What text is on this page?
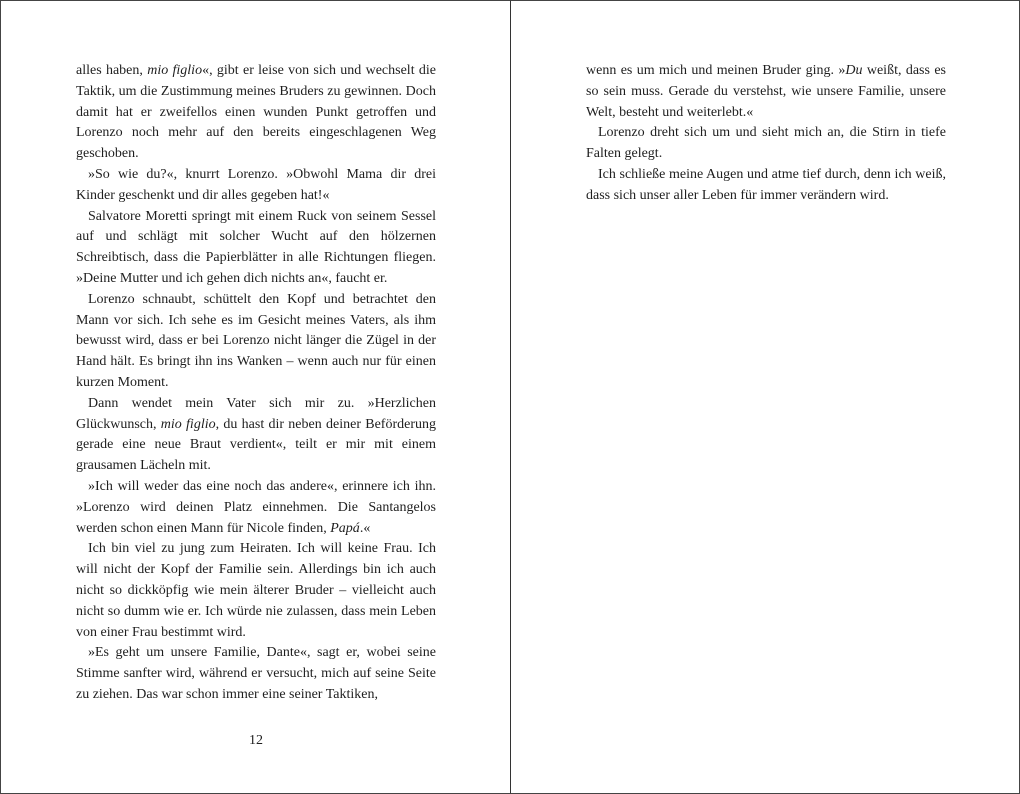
alles haben, mio figlio«, gibt er leise von sich und wechselt die Taktik, um die Zustimmung meines Bruders zu gewinnen. Doch damit hat er zweifellos einen wunden Punkt getroffen und Lorenzo noch mehr auf den bereits eingeschlagenen Weg geschoben.

»So wie du?«, knurrt Lorenzo. »Obwohl Mama dir drei Kinder geschenkt und dir alles gegeben hat!«

Salvatore Moretti springt mit einem Ruck von seinem Sessel auf und schlägt mit solcher Wucht auf den hölzernen Schreibtisch, dass die Papierblätter in alle Richtungen fliegen. »Deine Mutter und ich gehen dich nichts an«, faucht er.

Lorenzo schnaubt, schüttelt den Kopf und betrachtet den Mann vor sich. Ich sehe es im Gesicht meines Vaters, als ihm bewusst wird, dass er bei Lorenzo nicht länger die Zügel in der Hand hält. Es bringt ihn ins Wanken – wenn auch nur für einen kurzen Moment.

Dann wendet mein Vater sich mir zu. »Herzlichen Glückwunsch, mio figlio, du hast dir neben deiner Beförderung gerade eine neue Braut verdient«, teilt er mir mit einem grausamen Lächeln mit.

»Ich will weder das eine noch das andere«, erinnere ich ihn. »Lorenzo wird deinen Platz einnehmen. Die Santangelos werden schon einen Mann für Nicole finden, Papá.«

Ich bin viel zu jung zum Heiraten. Ich will keine Frau. Ich will nicht der Kopf der Familie sein. Allerdings bin ich auch nicht so dickköpfig wie mein älterer Bruder – vielleicht auch nicht so dumm wie er. Ich würde nie zulassen, dass mein Leben von einer Frau bestimmt wird.

»Es geht um unsere Familie, Dante«, sagt er, wobei seine Stimme sanfter wird, während er versucht, mich auf seine Seite zu ziehen. Das war schon immer eine seiner Taktiken,

12

wenn es um mich und meinen Bruder ging. »Du weißt, dass es so sein muss. Gerade du verstehst, wie unsere Familie, unsere Welt, besteht und weiterlebt.«

Lorenzo dreht sich um und sieht mich an, die Stirn in tiefe Falten gelegt.

Ich schließe meine Augen und atme tief durch, denn ich weiß, dass sich unser aller Leben für immer verändern wird.
